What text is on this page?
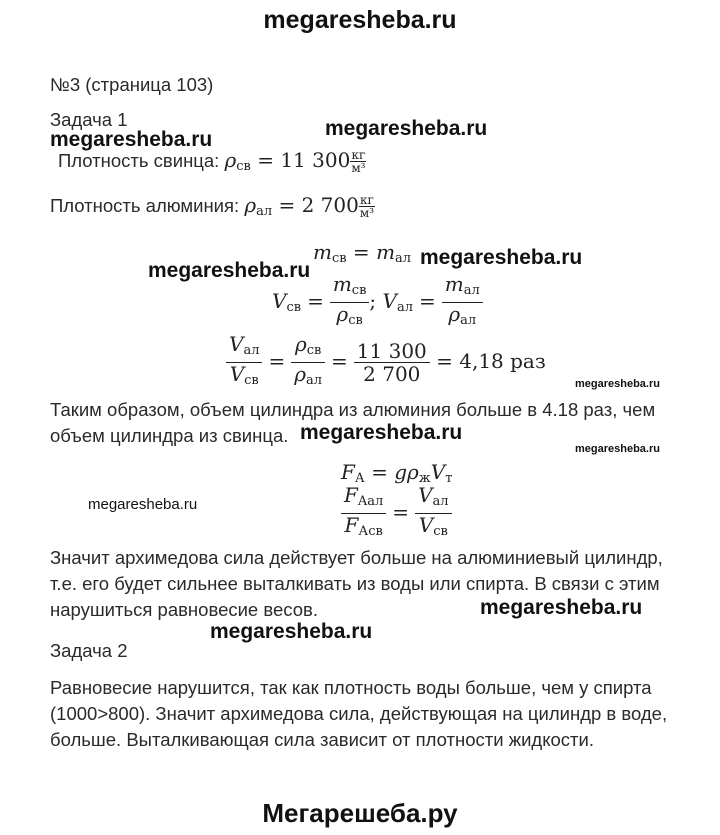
megaresheba.ru
№3 (страница 103)
Задача 1
megaresheba.ru	megaresheba.ru
Плотность свинца: $\rho_{св} = 11$ $300 \frac{кг}{\text{м³}}$
Плотность алюминия: $\rho_{ал} = 2$ $700 \frac{кг}{\text{м³}}$
$m_{св} = m_{ал}$ megaresheba.ru
megaresheba.ru
$V_{св} = \frac{m_{св}}{\rho_{св}}$ ; $V_{ал} = \frac{m_{ал}}{\rho_{ал}}$
$\frac{V_{ал}}{V_{св}} = \frac{\rho_{св}}{\rho_{ал}} = \frac{11 300}{2 700} = 4,18$ раз
megaresheba.ru
Таким образом, объем цилиндра из алюминия больше в 4.18 раз, чем объем цилиндра из свинца. megaresheba.ru
megaresheba.ru
$F_А = g\rho_жV_т$
$\frac{F_{Aал}}{F_{Асв}} = \frac{V_{ал}}{V_{св}}$
megaresheba.ru
Значит архимедова сила действует больше на алюминиевый цилиндр, т.е. его будет сильнее выталкивать из воды или спирта. В связи с этим нарушиться равновесие весов.	megaresheba.ru
megaresheba.ru
Задача 2
Равновесие нарушится, так как плотность воды больше, чем у спирта (1000>800). Значит архимедова сила, действующая на цилиндр в воде, больше. Выталкивающая сила зависит от плотности жидкости.
Мегарешеба.ру
